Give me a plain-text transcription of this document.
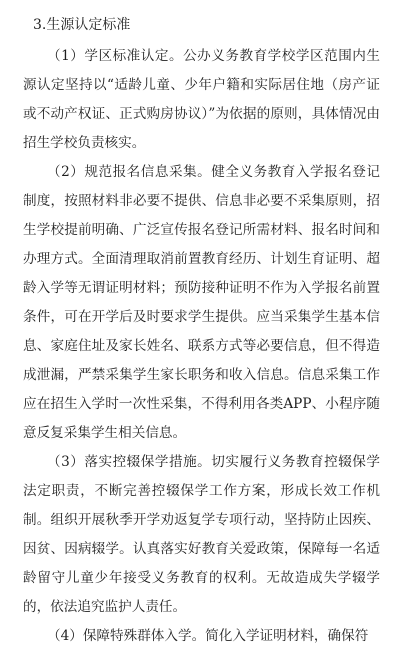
3.生源认定标准

（1）学区标准认定。公办义务教育学校学区范围内生源认定坚持以“适龄儿童、少年户籍和实际居住地（房产证或不动产权证、正式购房协议）”为依据的原则，具体情况由招生学校负责核实。

（2）规范报名信息采集。健全义务教育入学报名登记制度，按照材料非必要不提供、信息非必要不采集原则，招生学校提前明确、广泛宣传报名登记所需材料、报名时间和办理方式。全面清理取消前置教育经历、计划生育证明、超龄入学等无谓证明材料；预防接种证明不作为入学报名前置条件，可在开学后及时要求学生提供。应当采集学生基本信息、家庭住址及家长姓名、联系方式等必要信息，但不得造成泄漏，严禁采集学生家长职务和收入信息。信息采集工作应在招生入学时一次性采集，不得利用各类APP、小程序随意反复采集学生相关信息。

（3）落实控辍保学措施。切实履行义务教育控辍保学法定职责，不断完善控辍保学工作方案，形成长效工作机制。组织开展秋季开学劝返复学专项行动，坚持防止因疾、因贫、因病辍学。认真落实好教育关爱政策，保障每一名适龄留守儿童少年接受义务教育的权利。无故造成失学辍学的，依法追究监护人责任。

（4）保障特殊群体入学。简化入学证明材料，确保符
